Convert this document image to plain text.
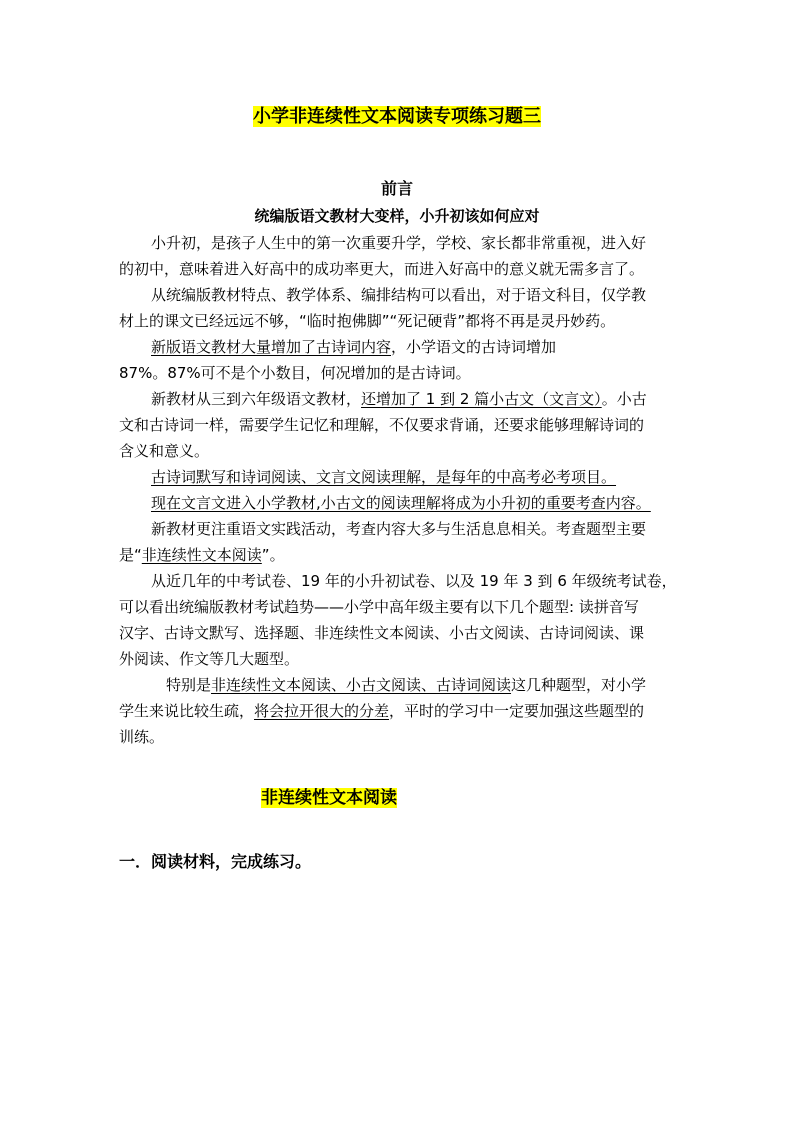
小学非连续性文本阅读专项练习题三
前言
统编版语文教材大变样，小升初该如何应对

小升初，是孩子人生中的第一次重要升学，学校、家长都非常重视，进入好

的初中，意味着进入好高中的成功率更大，而进入好高中的意义就无需多言了。

从统编版教材特点、教学体系、编排结构可以看出，对于语文科目，仅学教

材上的课文已经远远不够，“临时抱佛脚”“死记硬背”都将不再是灵丹妙药。

新版语文教材大量增加了古诗词内容，小学语文的古诗词增加

87%。87%可不是个小数目，何况增加的是古诗词。

新教材从三到六年级语文教材，还增加了 1 到 2 篇小古文（文言文）。小古

文和古诗词一样，需要学生记忆和理解，不仅要求背诵，还要求能够理解诗词的

含义和意义。

古诗词默写和诗词阅读、文言文阅读理解，是每年的中高考必考项目。

现在文言文进入小学教材,小古文的阅读理解将成为小升初的重要考查内容。

新教材更注重语文实践活动，考查内容大多与生活息息相关。考查题型主要

是“非连续性文本阅读”。

从近几年的中考试卷、19 年的小升初试卷、以及 19 年 3 到 6 年级统考试卷，

可以看出统编版教材考试趋势——小学中高年级主要有以下几个题型: 读拼音写

汉字、古诗文默写、选择题、非连续性文本阅读、小古文阅读、古诗词阅读、课

外阅读、作文等几大题型。

特别是非连续性文本阅读、小古文阅读、古诗词阅读这几种题型，对小学

学生来说比较生疏，将会拉开很大的分差，平时的学习中一定要加强这些题型的

训练。

非连续性文本阅读
一．阅读材料，完成练习。
